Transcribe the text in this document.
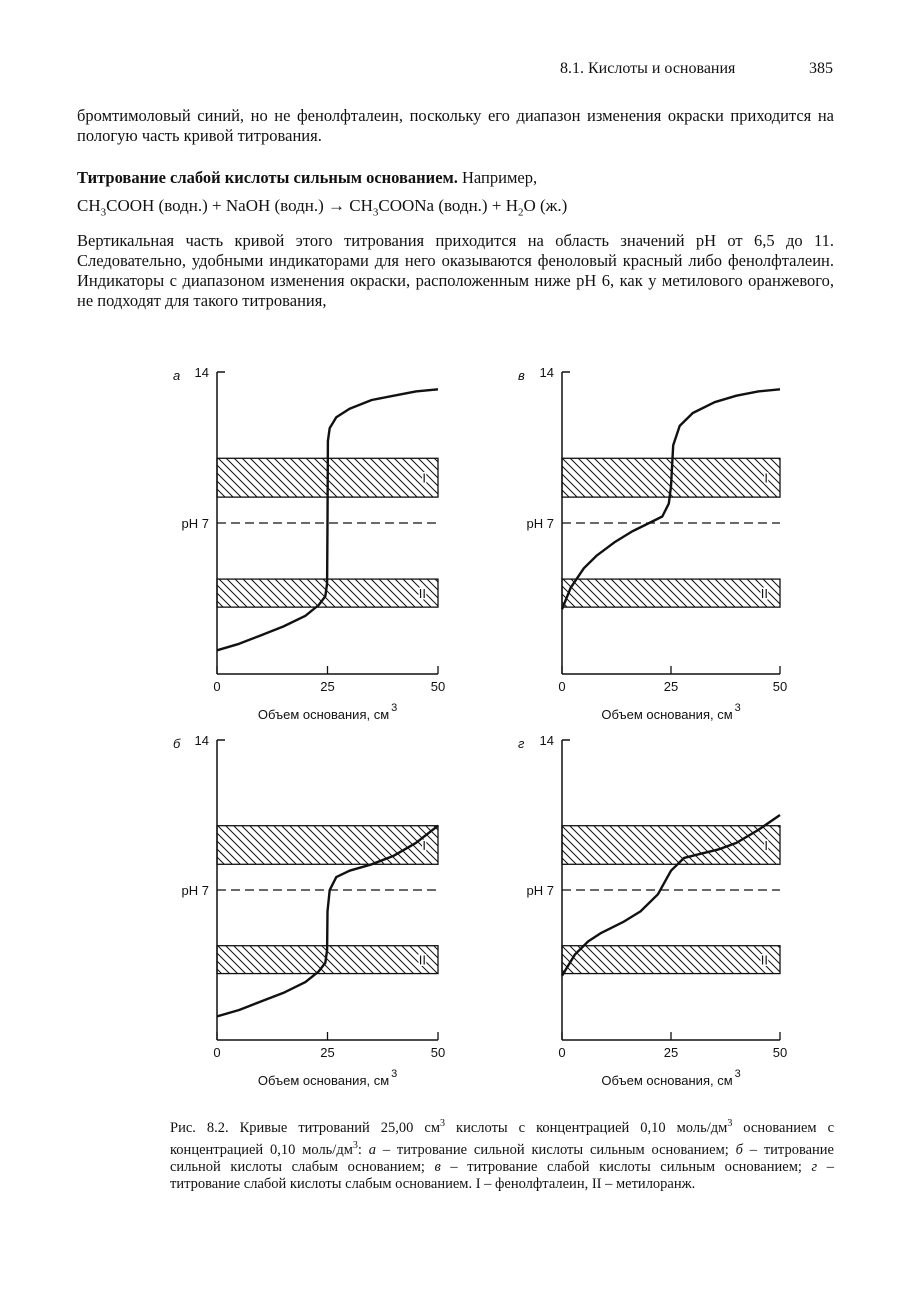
8.1. Кислоты и основания	385

бромтимоловый синий, но не фенолфталеин, поскольку его диапазон изменения окраски приходится на пологую часть кривой титрования.

Титрование слабой кислоты сильным основанием. Например,
$CH_3COOH$ (водн.) + NaOH (водн.) → $CH_3COONa$ (водн.) + $H_2O$ (ж.)

Вертикальная часть кривой этого титрования приходится на область значений pH от 6,5 до 11. Следовательно, удобными индикаторами для него оказываются феноловый красный либо фенолфталеин. Индикаторы с диапазоном изменения окраски, расположенным ниже pH 6, как у метилового оранжевого, не подходят для такого титрования,

I
II
0	25	50
14
pH 7
а
Объем основания, см 3
I
II
0	25	50
14
pH 7
б
Объем основания, см 3
I
II
0	25	50
14
pH 7
в
Объем основания, см 3
I
II
0	25	50
14
pH 7
г
Объем основания, см 3

Рис. 8.2. Кривые титрований 25,00 $см^3$ кислоты с концентрацией 0,10 моль/$дм^3$ основанием с концентрацией 0,10 моль/$дм^3$: а – титрование сильной кислоты сильным основанием; б – титрование сильной кислоты слабым основанием; в – титрование слабой кислоты сильным основанием; г – титрование слабой кислоты слабым основанием. I – фенолфталеин, II – метилоранж.
